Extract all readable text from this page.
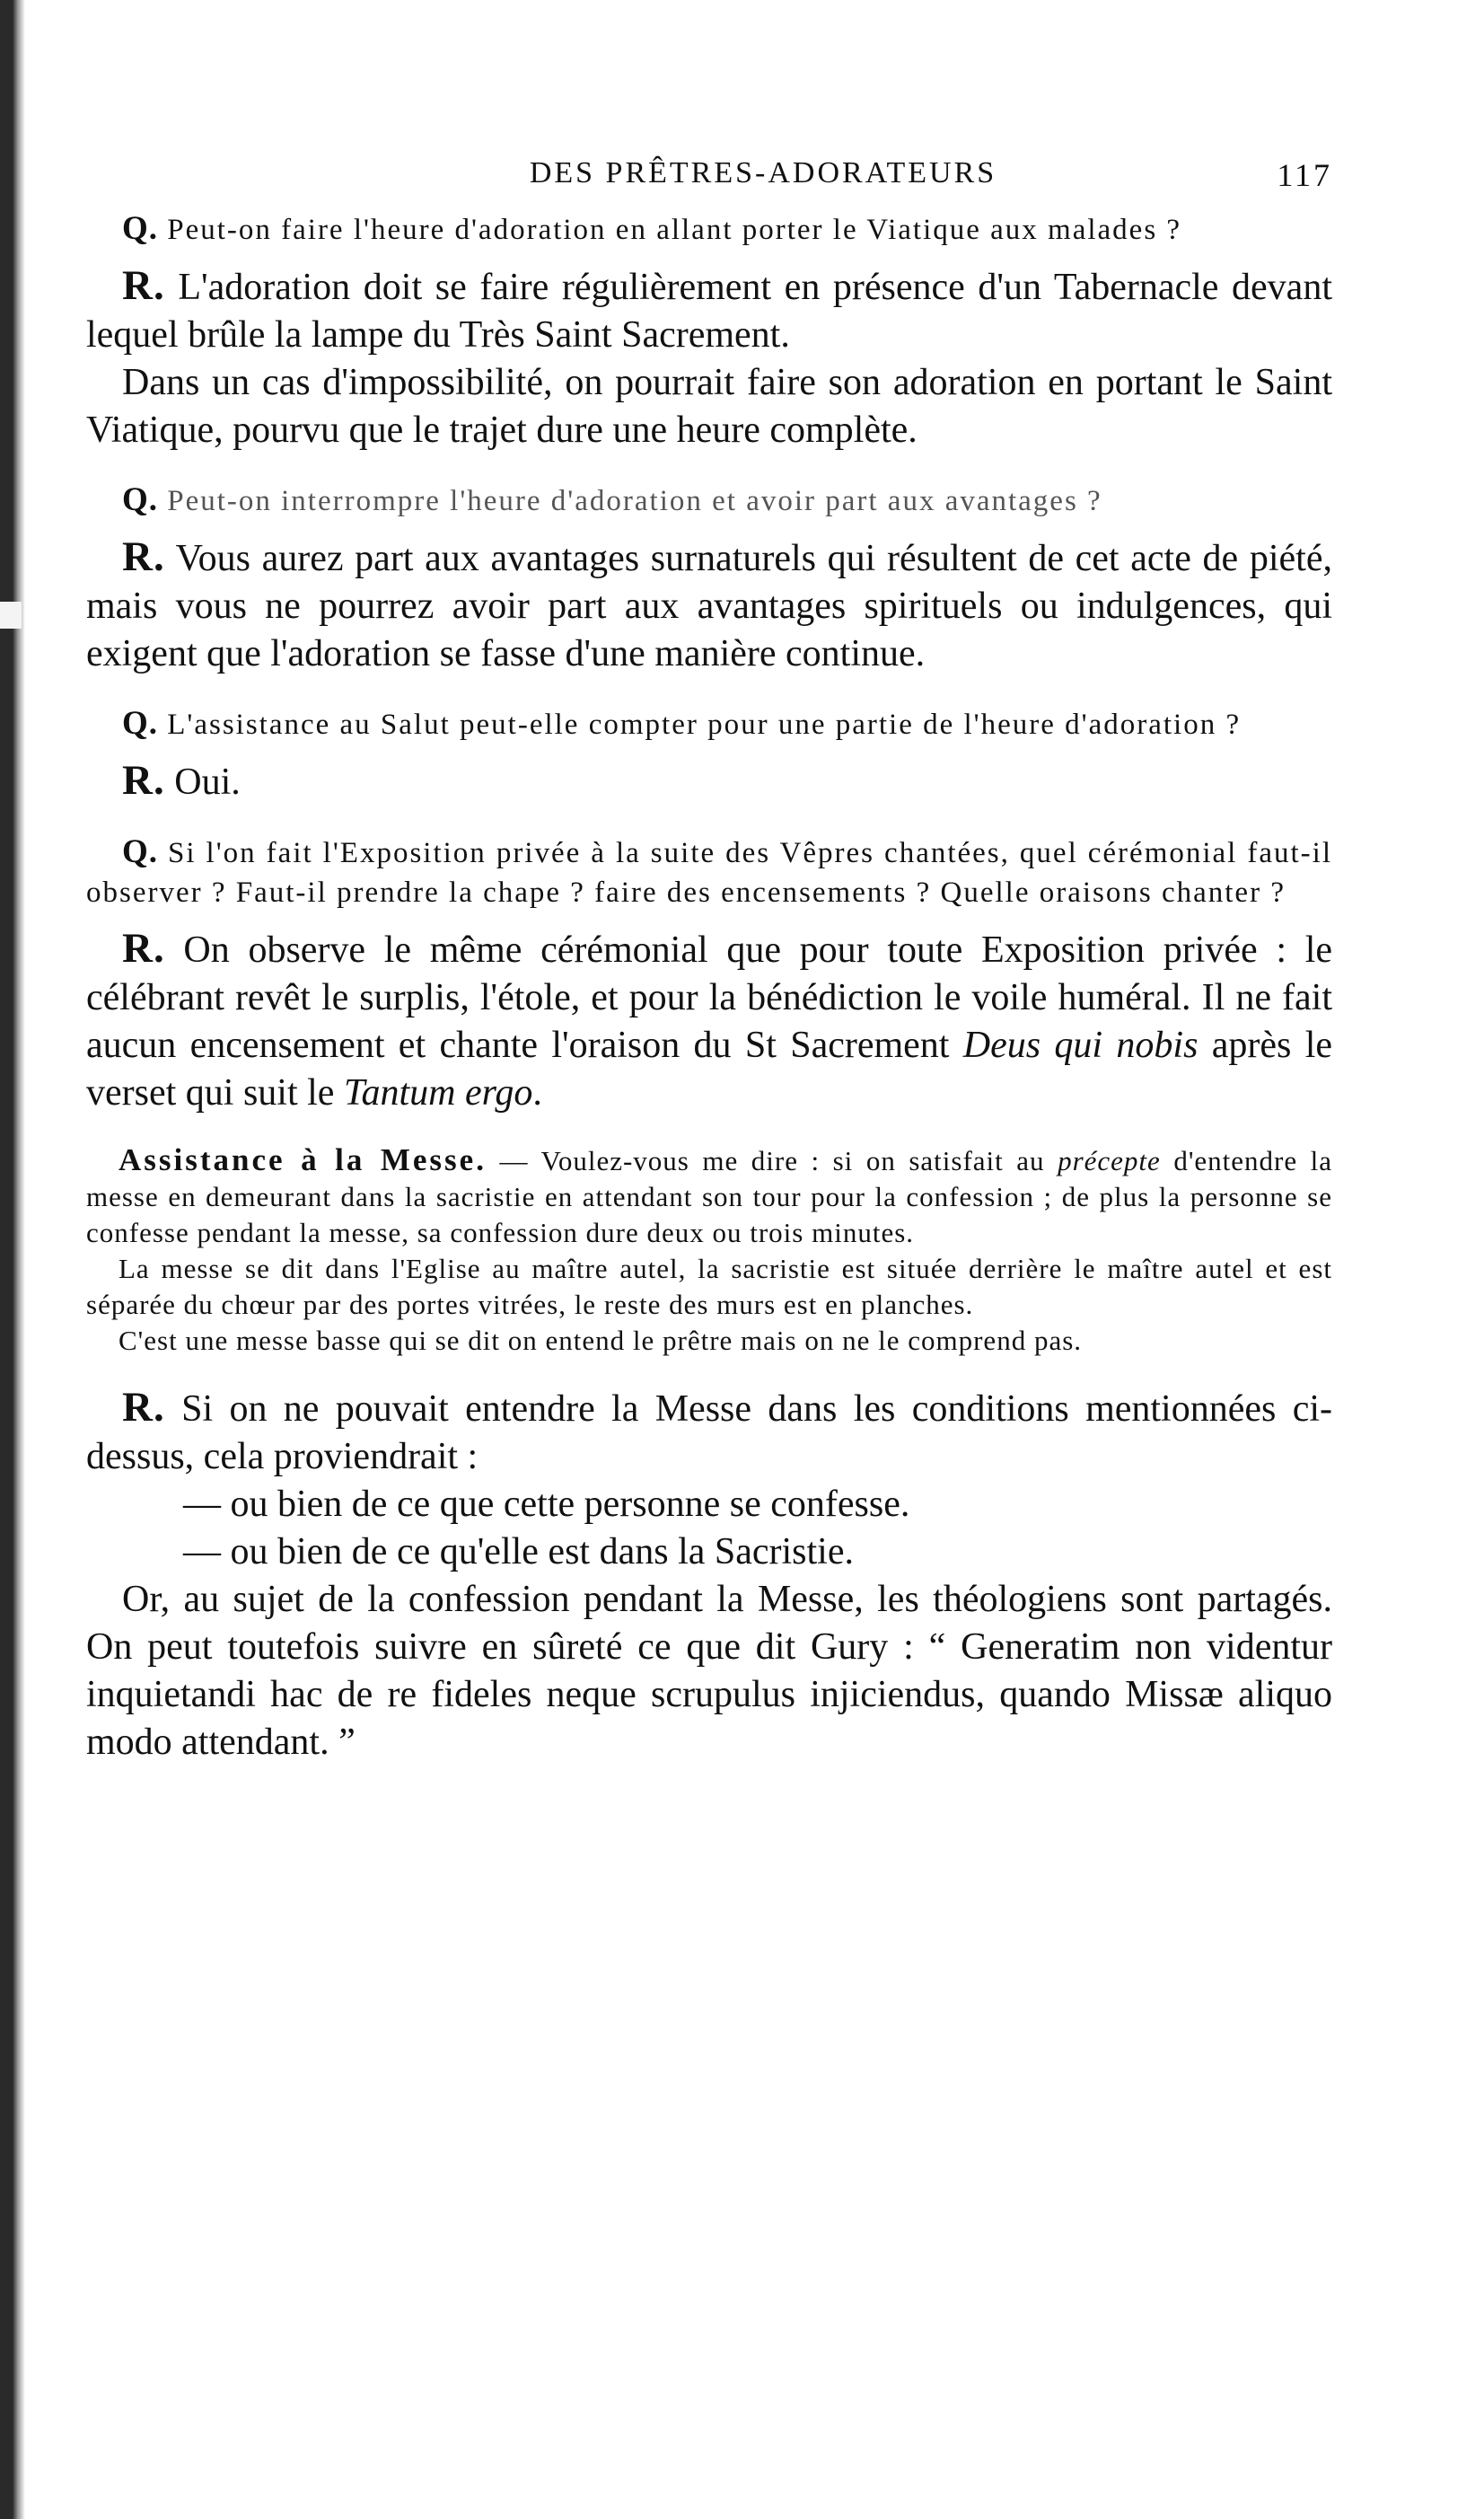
DES PRÊTRES-ADORATEURS	117

Q. Peut-on faire l'heure d'adoration en allant porter le Viatique aux malades ?

R. L'adoration doit se faire régulièrement en présence d'un Tabernacle devant lequel brûle la lampe du Très Saint Sacrement.

Dans un cas d'impossibilité, on pourrait faire son adoration en portant le Saint Viatique, pourvu que le trajet dure une heure complète.

Q. Peut-on interrompre l'heure d'adoration et avoir part aux avantages ?

R. Vous aurez part aux avantages surnaturels qui résultent de cet acte de piété, mais vous ne pourrez avoir part aux avantages spirituels ou indulgences, qui exigent que l'adoration se fasse d'une manière continue.

Q. L'assistance au Salut peut-elle compter pour une partie de l'heure d'adoration ?

R. Oui.

Q. Si l'on fait l'Exposition privée à la suite des Vêpres chantées, quel cérémonial faut-il observer ? Faut-il prendre la chape ? faire des encensements ? Quelle oraisons chanter ?

R. On observe le même cérémonial que pour toute Exposition privée : le célébrant revêt le surplis, l'étole, et pour la bénédiction le voile huméral. Il ne fait aucun encensement et chante l'oraison du St Sacrement Deus qui nobis après le verset qui suit le Tantum ergo.

Assistance à la Messe. — Voulez-vous me dire : si on satisfait au précepte d'entendre la messe en demeurant dans la sacristie en attendant son tour pour la confession ; de plus la personne se confesse pendant la messe, sa confession dure deux ou trois minutes.

La messe se dit dans l'Eglise au maître autel, la sacristie est située derrière le maître autel et est séparée du chœur par des portes vitrées, le reste des murs est en planches.

C'est une messe basse qui se dit on entend le prêtre mais on ne le comprend pas.

R. Si on ne pouvait entendre la Messe dans les conditions mentionnées ci-dessus, cela proviendrait :

— ou bien de ce que cette personne se confesse.

— ou bien de ce qu'elle est dans la Sacristie.

Or, au sujet de la confession pendant la Messe, les théologiens sont partagés. On peut toutefois suivre en sûreté ce que dit Gury : “ Generatim non videntur inquietandi hac de re fideles neque scrupulus injiciendus, quando Missæ aliquo modo attendant. ”
